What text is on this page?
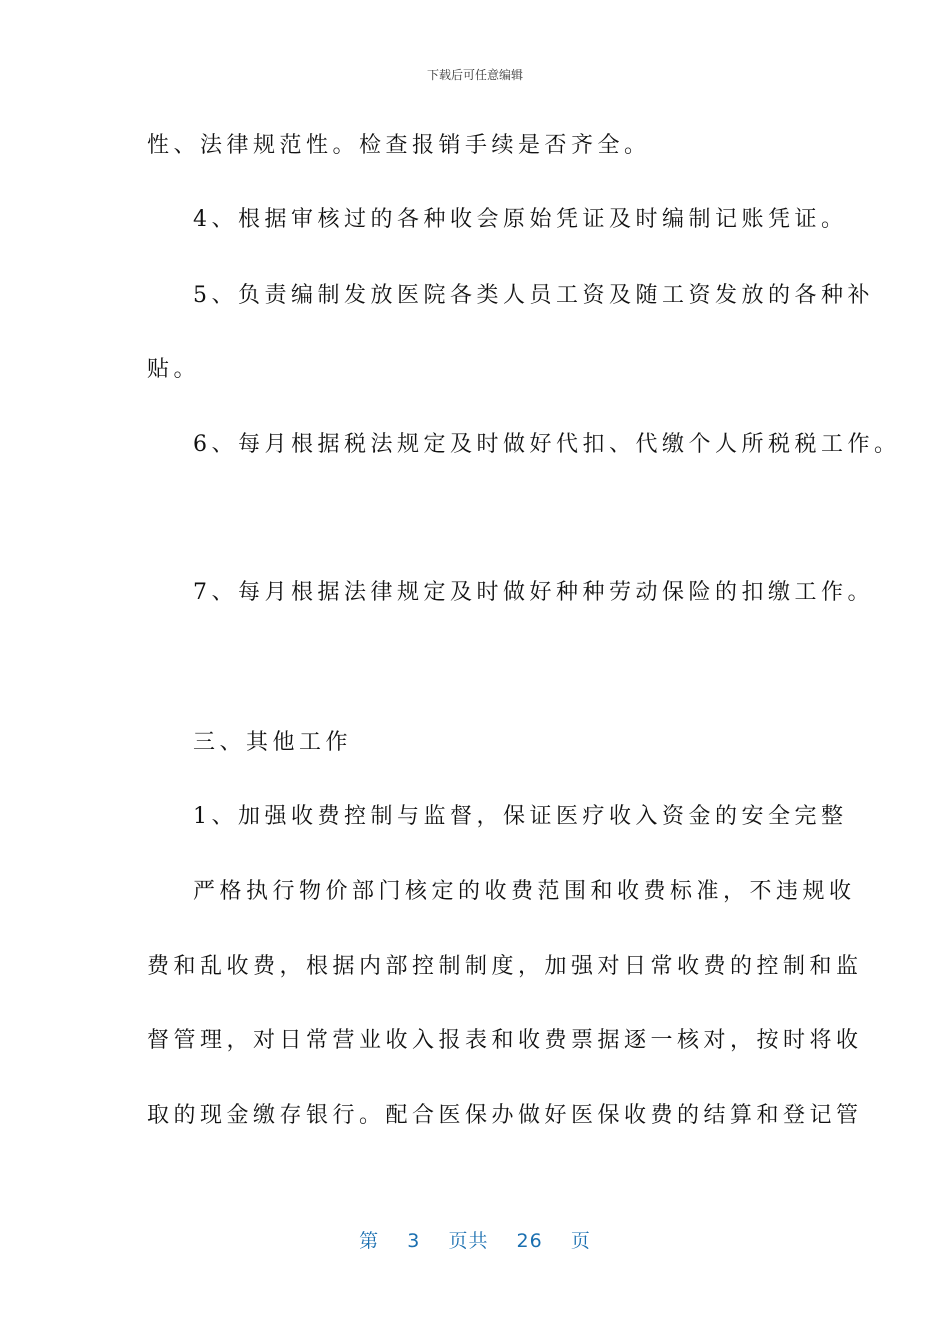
下载后可任意编辑
性、法律规范性。检查报销手续是否齐全。
4、根据审核过的各种收会原始凭证及时编制记账凭证。
5、负责编制发放医院各类人员工资及随工资发放的各种补
贴。
6、每月根据税法规定及时做好代扣、代缴个人所税税工作。
7、每月根据法律规定及时做好种种劳动保险的扣缴工作。
三、其他工作
1、加强收费控制与监督，保证医疗收入资金的安全完整
严格执行物价部门核定的收费范围和收费标准，不违规收
费和乱收费，根据内部控制制度，加强对日常收费的控制和监
督管理，对日常营业收入报表和收费票据逐一核对，按时将收
取的现金缴存银行。配合医保办做好医保收费的结算和登记管
第 3 页共 26 页
